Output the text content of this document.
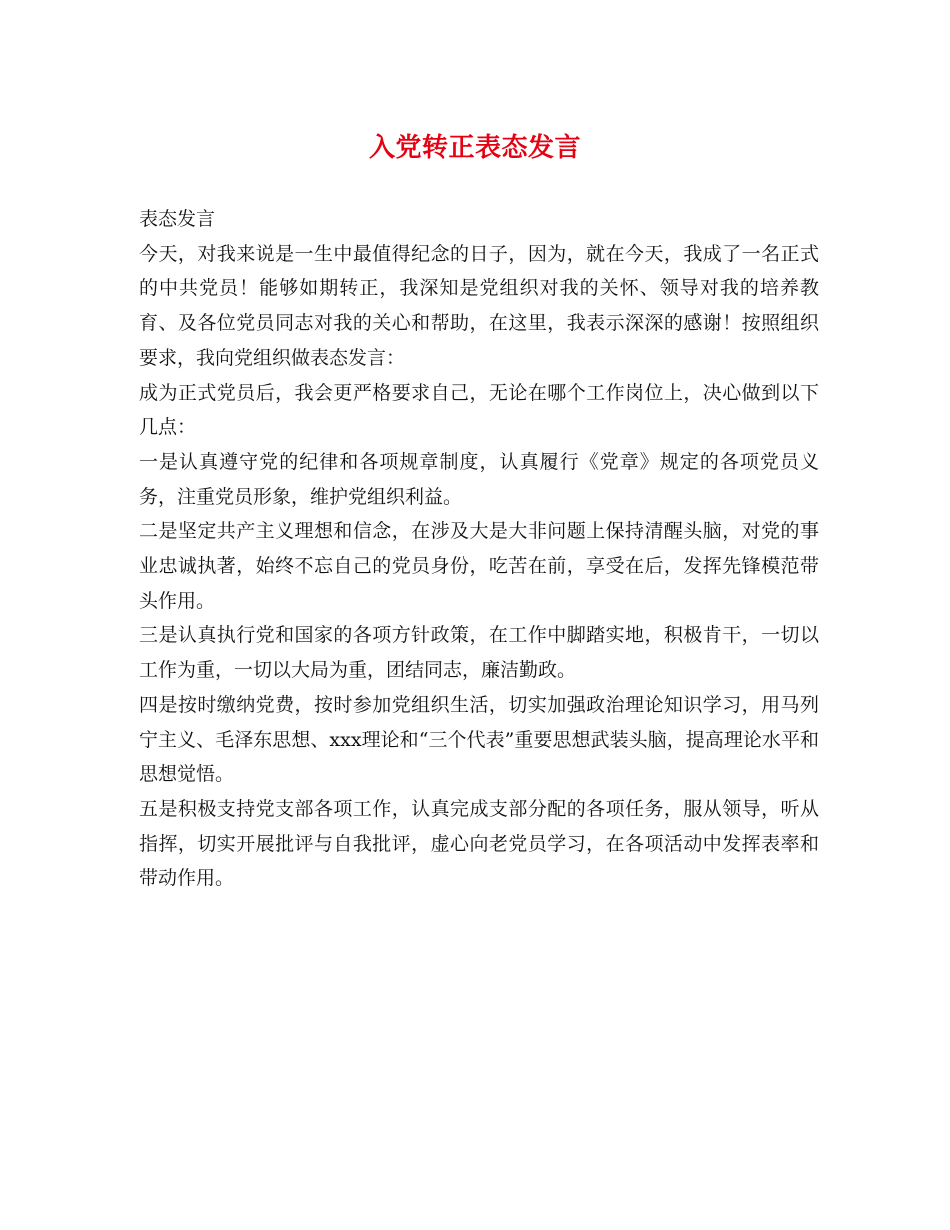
入党转正表态发言

表态发言

今天，对我来说是一生中最值得纪念的日子，因为，就在今天，我成了一名正式的中共党员！能够如期转正，我深知是党组织对我的关怀、领导对我的培养教育、及各位党员同志对我的关心和帮助，在这里，我表示深深的感谢！按照组织要求，我向党组织做表态发言：

成为正式党员后，我会更严格要求自己，无论在哪个工作岗位上，决心做到以下几点：

一是认真遵守党的纪律和各项规章制度，认真履行《党章》规定的各项党员义务，注重党员形象，维护党组织利益。

二是坚定共产主义理想和信念，在涉及大是大非问题上保持清醒头脑，对党的事业忠诚执著，始终不忘自己的党员身份，吃苦在前，享受在后，发挥先锋模范带头作用。

三是认真执行党和国家的各项方针政策，在工作中脚踏实地，积极肯干，一切以工作为重，一切以大局为重，团结同志，廉洁勤政。

四是按时缴纳党费，按时参加党组织生活，切实加强政治理论知识学习，用马列宁主义、毛泽东思想、xxx理论和“三个代表”重要思想武装头脑，提高理论水平和思想觉悟。

五是积极支持党支部各项工作，认真完成支部分配的各项任务，服从领导，听从指挥，切实开展批评与自我批评，虚心向老党员学习，在各项活动中发挥表率和带动作用。
